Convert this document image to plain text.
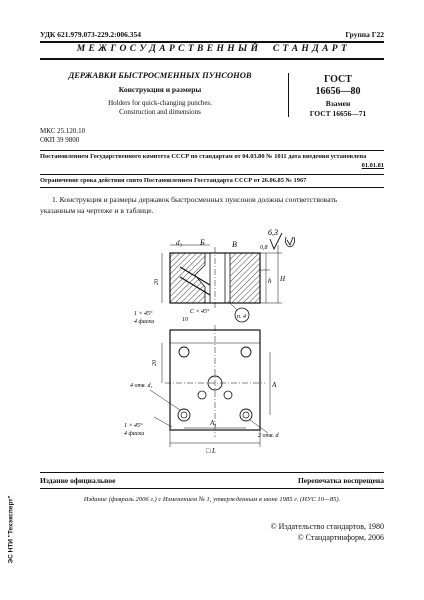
УДК 621.979.073-229.2:006.354	Группа Г22
М Е Ж Г О С У Д А Р С Т В Е Н Н Ы Й     С Т А Н Д А Р Т
ДЕРЖАВКИ БЫСТРОСМЕННЫХ ПУНСОНОВ
Конструкция и размеры
Holders for quick-changing punches.
Construction and dimensions
ГОСТ
16656—80
Взамен
ГОСТ 16656—71
МКС 25.120.10
ОКП 39 9800
Постановлением Государственного комитета СССР по стандартам от 04.03.80 № 1011 дата введения установлена
01.01.81
Ограничение срока действия снято Постановлением Госстандарта СССР от 26.06.85 № 1967
1. Конструкция и размеры державок быстросменных пунсонов должны соответствовать
указанным на чертеже и в таблице.
6,3
d₃ Б	В	0,8
20	h H
1 × 45°
4 фаски	10
C × 45°
п. 4
20
4 отв. d₁	A
A₁
2 отв. d
1 × 45°
4 фаски
□ L
Издание официальное	Перепечатка воспрещена
Издание (февраль 2006 г.) с Изменением № 1, утвержденным в июне 1985 г. (ИУС 10—85).
© Издательство стандартов, 1980
© Стандартинформ, 2006
ЭС НТИ "Техэксперт"
